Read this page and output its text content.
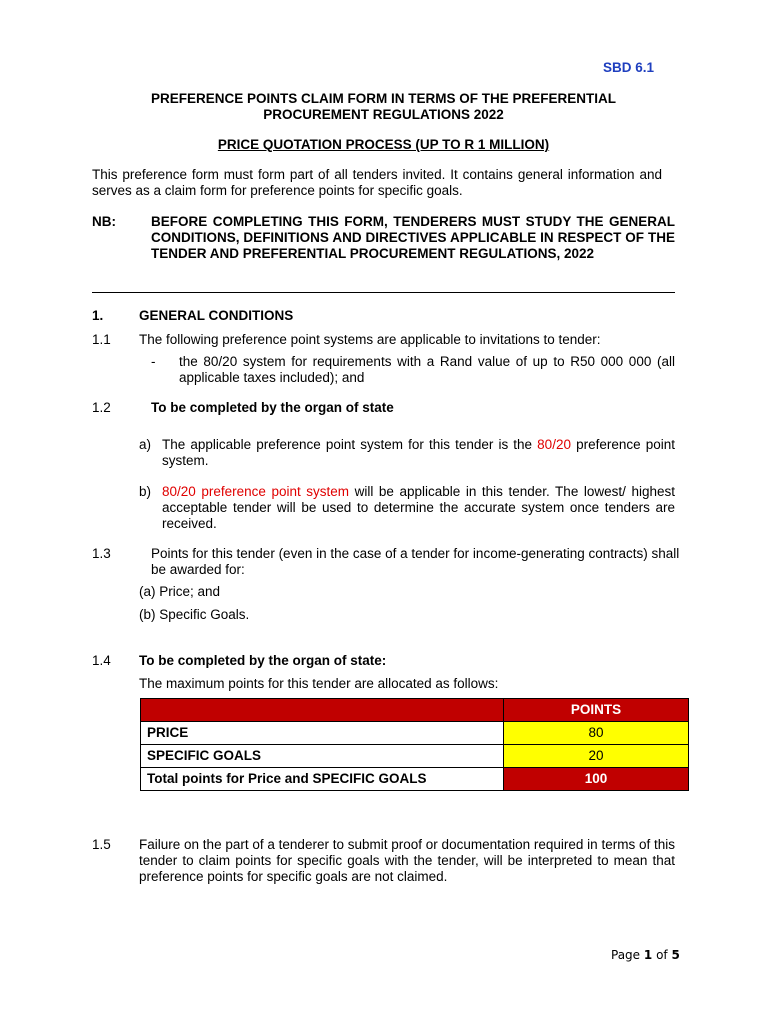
SBD 6.1
PREFERENCE POINTS CLAIM FORM IN TERMS OF THE PREFERENTIAL
PROCUREMENT REGULATIONS 2022
PRICE QUOTATION PROCESS (UP TO R 1 MILLION)
This preference form must form part of all tenders invited. It contains general information and serves as a claim form for preference points for specific goals.
NB:	BEFORE COMPLETING THIS FORM, TENDERERS MUST STUDY THE GENERAL CONDITIONS, DEFINITIONS AND DIRECTIVES APPLICABLE IN RESPECT OF THE TENDER AND PREFERENTIAL PROCUREMENT REGULATIONS, 2022
1.	GENERAL CONDITIONS
1.1 The following preference point systems are applicable to invitations to tender:
- the 80/20 system for requirements with a Rand value of up to R50 000 000 (all applicable taxes included); and
1.2	To be completed by the organ of state
a) The applicable preference point system for this tender is the 80/20 preference point system.
b) 80/20 preference point system will be applicable in this tender. The lowest/ highest acceptable tender will be used to determine the accurate system once tenders are received.
1.3	Points for this tender (even in the case of a tender for income-generating contracts) shall be awarded for:
(a) Price; and
(b) Specific Goals.
1.4 To be completed by the organ of state:
The maximum points for this tender are allocated as follows:
	POINTS
PRICE	80
SPECIFIC GOALS	20
Total points for Price and SPECIFIC GOALS	100

1.5 Failure on the part of a tenderer to submit proof or documentation required in terms of this tender to claim points for specific goals with the tender, will be interpreted to mean that preference points for specific goals are not claimed.
Page 1 of 5
